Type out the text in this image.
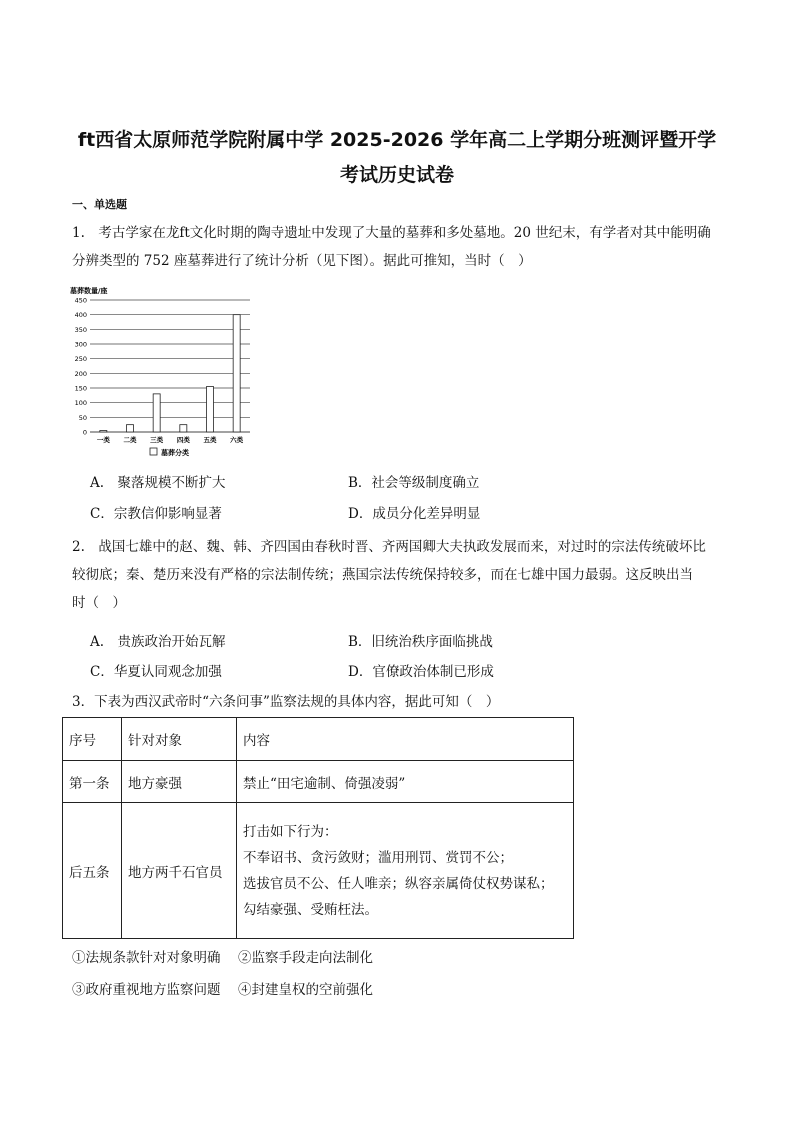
ft西省太原师范学院附属中学 2025-2026 学年高二上学期分班测评暨开学
考试历史试卷
一、单选题
1.　考古学家在龙ft文化时期的陶寺遗址中发现了大量的墓葬和多处墓地。20 世纪末，有学者对其中能明确
分辨类型的 752 座墓葬进行了统计分析（见下图）。据此可推知，当时（　）
0
50
100
150
200
250
300
350
400
450
一类 二类 三类 四类 五类 六类
墓葬数量/座
墓葬分类
A.　聚落规模不断扩大	B．社会等级制度确立
C．宗教信仰影响显著	D．成员分化差异明显
2.　战国七雄中的赵、魏、韩、齐四国由春秋时晋、齐两国卿大夫执政发展而来，对过时的宗法传统破坏比
较彻底；秦、楚历来没有严格的宗法制传统；燕国宗法传统保持较多，而在七雄中国力最弱。这反映出当
时（　）
A.　贵族政治开始瓦解	B．旧统治秩序面临挑战
C．华夏认同观念加强	D．官僚政治体制已形成
3．下表为西汉武帝时“六条问事”监察法规的具体内容，据此可知（　）
序号	针对对象	内容
第一条	地方豪强	禁止“田宅逾制、倚强凌弱”
后五条	地方两千石官员	打击如下行为：
不奉诏书、贪污敛财；滥用刑罚、赏罚不公；
选拔官员不公、任人唯亲；纵容亲属倚仗权势谋私；
勾结豪强、受贿枉法。
①法规条款针对对象明确 ②监察手段走向法制化
③政府重视地方监察问题 ④封建皇权的空前强化
